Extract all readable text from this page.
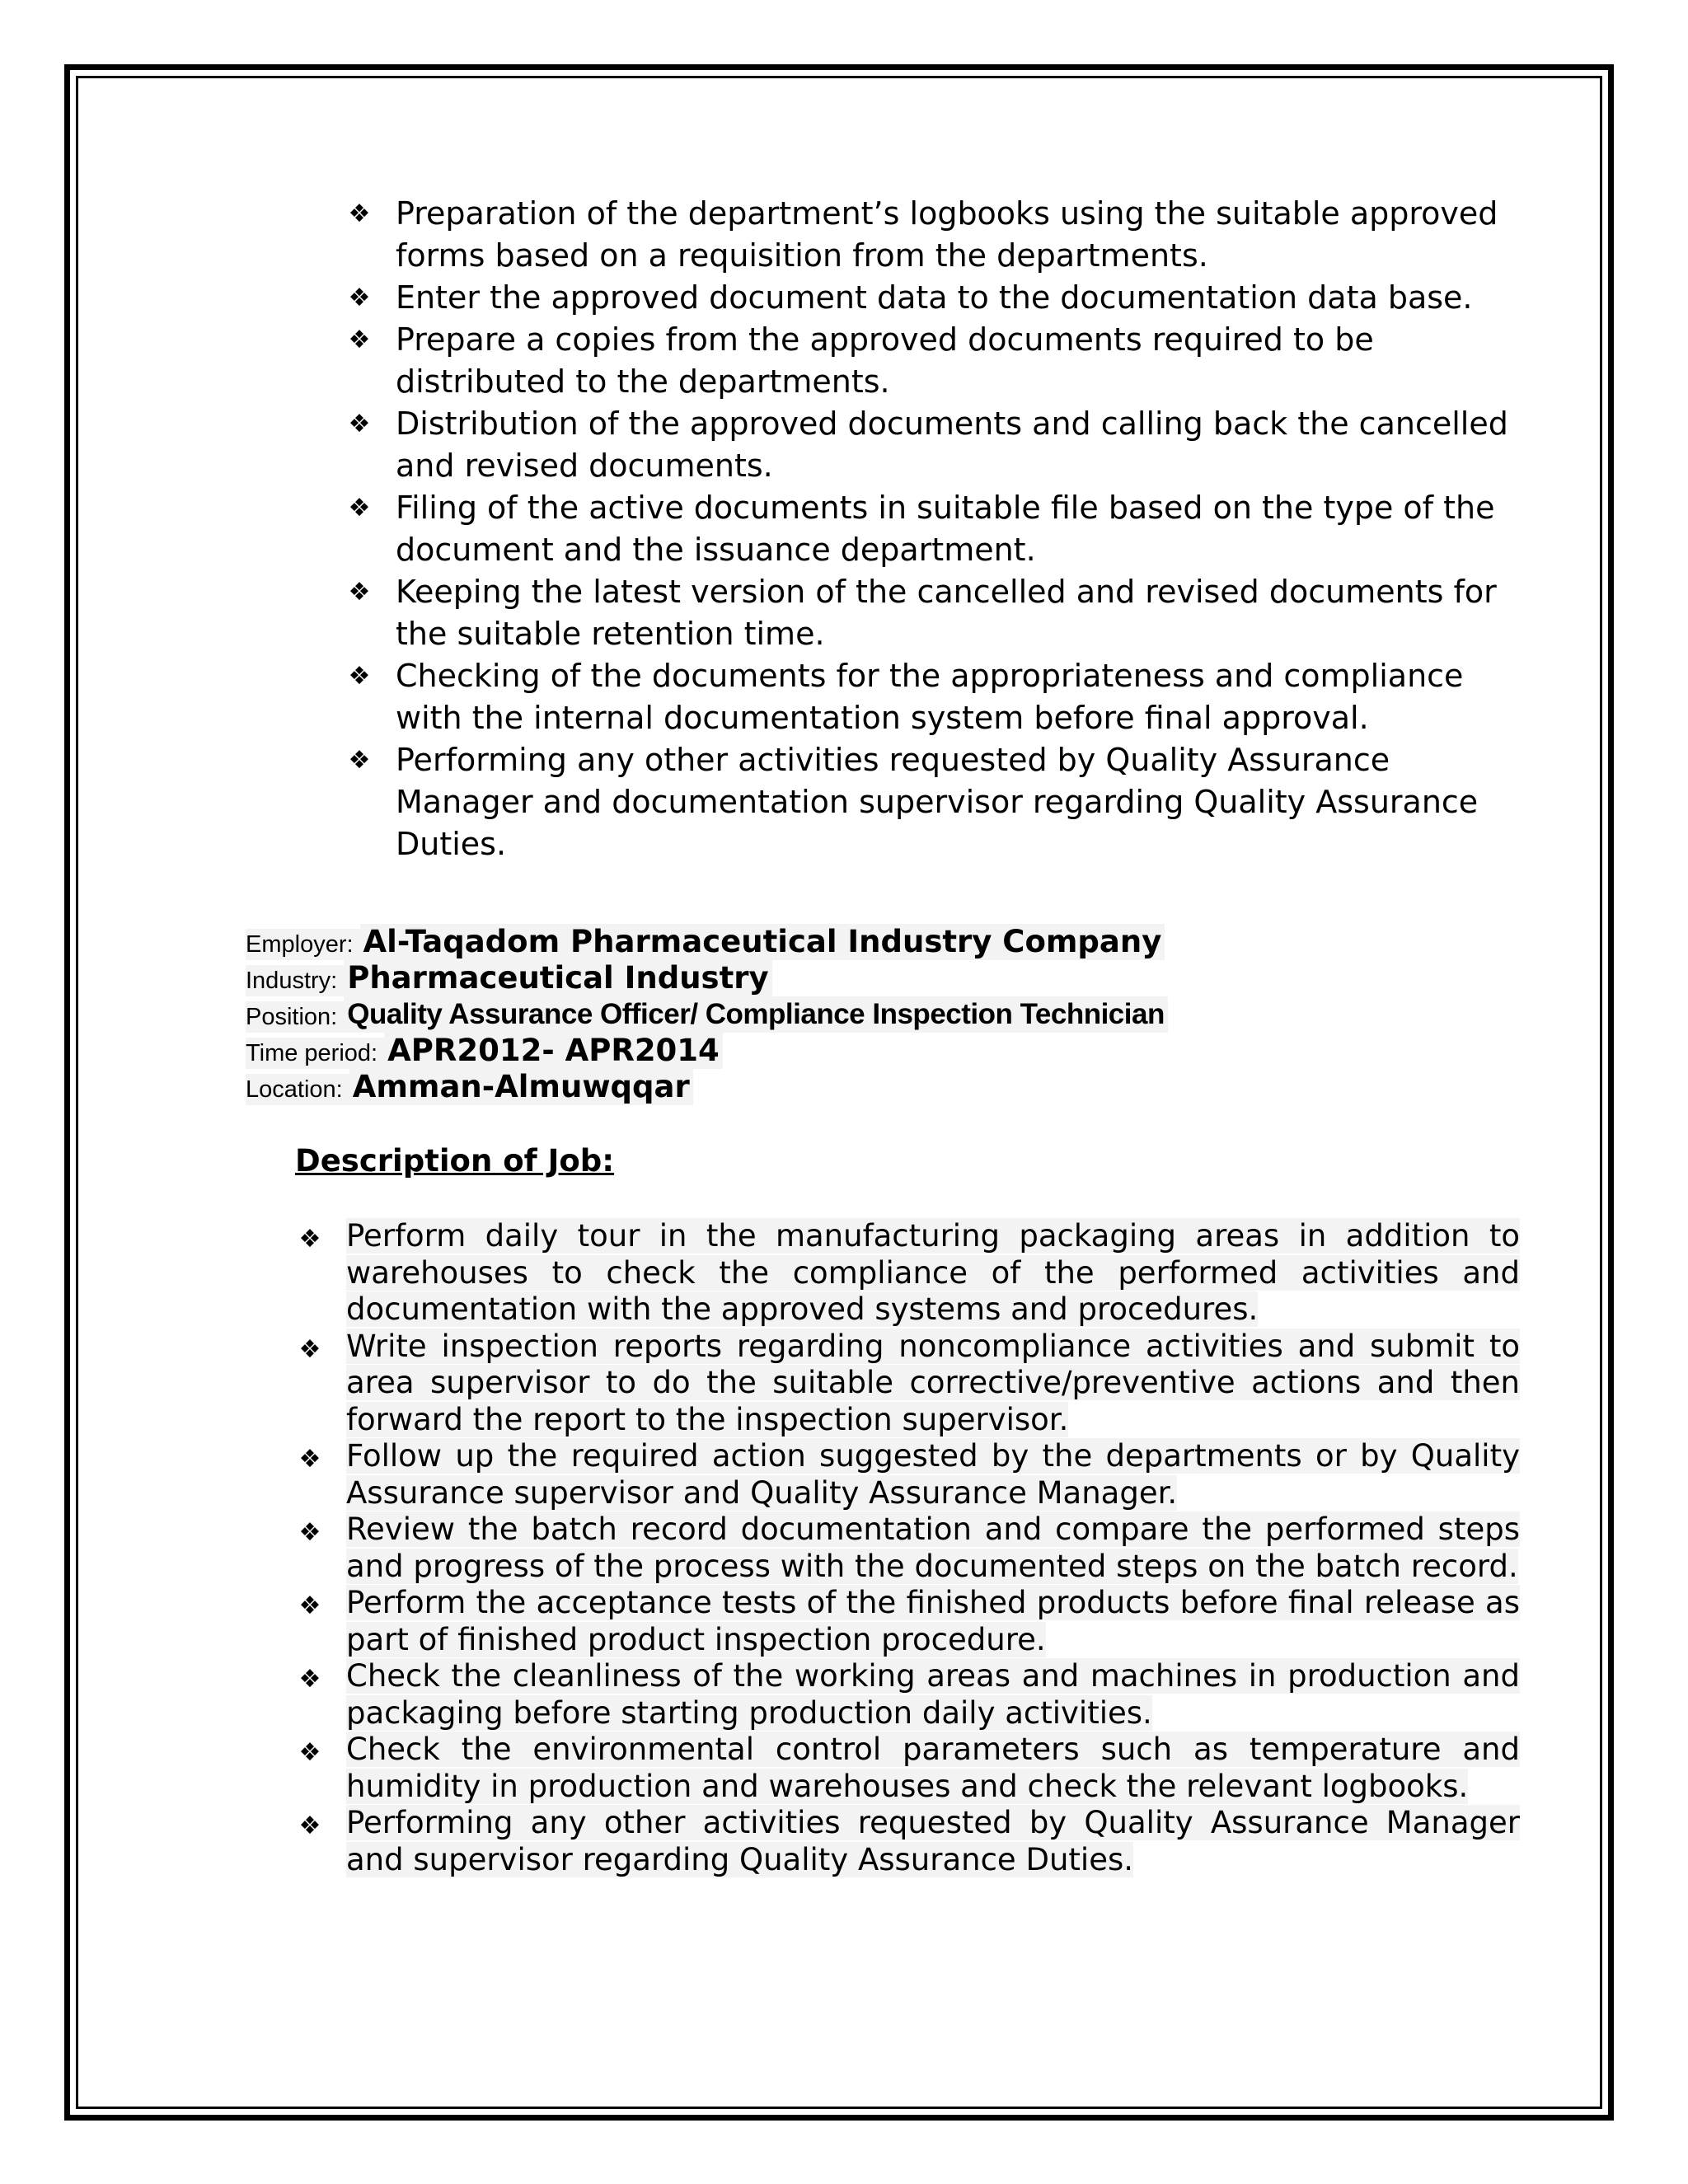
❖ Preparation of the department’s logbooks using the suitable approved forms based on a requisition from the departments.
❖ Enter the approved document data to the documentation data base.
❖ Prepare a copies from the approved documents required to be distributed to the departments.
❖ Distribution of the approved documents and calling back the cancelled and revised documents.
❖ Filing of the active documents in suitable file based on the type of the document and the issuance department.
❖ Keeping the latest version of the cancelled and revised documents for the suitable retention time.
❖ Checking of the documents for the appropriateness and compliance with the internal documentation system before final approval.
❖ Performing any other activities requested by Quality Assurance Manager and documentation supervisor regarding Quality Assurance Duties.
Employer: Al-Taqadom Pharmaceutical Industry Company
Industry: Pharmaceutical Industry
Position: Quality Assurance Officer/ Compliance Inspection Technician
Time period: APR2012- APR2014
Location: Amman-Almuwqqar
Description of Job:
❖ Perform daily tour in the manufacturing packaging areas in addition to warehouses to check the compliance of the performed activities and documentation with the approved systems and procedures.
❖ Write inspection reports regarding noncompliance activities and submit to area supervisor to do the suitable corrective/preventive actions and then forward the report to the inspection supervisor.
❖ Follow up the required action suggested by the departments or by Quality Assurance supervisor and Quality Assurance Manager.
❖ Review the batch record documentation and compare the performed steps and progress of the process with the documented steps on the batch record.
❖ Perform the acceptance tests of the finished products before final release as part of finished product inspection procedure.
❖ Check the cleanliness of the working areas and machines in production and packaging before starting production daily activities.
❖ Check the environmental control parameters such as temperature and humidity in production and warehouses and check the relevant logbooks.
❖ Performing any other activities requested by Quality Assurance Manager and supervisor regarding Quality Assurance Duties.
